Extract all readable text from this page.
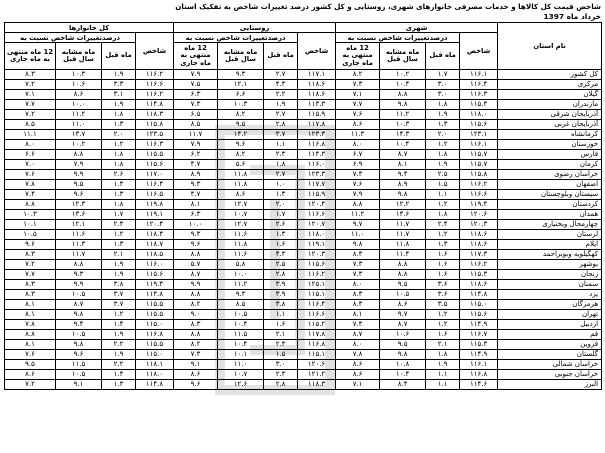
شاخص قیمت کل کالاها و خدمات مصرفی خانوارهای شهری، روستایی و کل کشور درصد تغییرات شاخص به تفکیک استان
خرداد ماه 1397
نام استان	شهری				روستایی				کل خانوارها			
	شاخص	درصدتغییرات شاخص نسبت به			شاخص	درصدتغییرات شاخص نسبت به			شاخص	درصدتغییرات شاخص نسبت به		
		ماه قبل	ماه مشابه سال قبل	12 ماه منتهی به ماه جاری		ماه قبل	ماه مشابه سال قبل	12 ماه منتهی به ماه جاری		ماه قبل	ماه مشابه سال قبل	12 ماه منتهی به ماه جاری
کل کشور	۱۱۶.۱	۱.۷	۱۰.۲	۸.۲	۱۱۷.۱	۲.۷	۹.۳	۷.۹	۱۱۶.۲	۱.۹	۱۰.۳	۸.۳
مرکزی	۱۱۶.۴	۳.۰	۱۰.۴	۷.۳	۱۱۸.۶	۴.۳	۱۲.۱	۷.۵	۱۱۶.۶	۳.۳	۱۰.۶	۷.۲
گیلان	۱۱۶.۳	۳.۰	۸.۸	۷.۱	۱۱۸.۶	۲.۲	۶.۶	۶.۳	۱۱۶.۲	۳.۱	۸.۶	۷.۱
مازندران	۱۱۵.۴	۱.۸	۹.۸	۷.۷	۱۱۳.۳	۱.۹	۱۰.۳	۷.۳	۱۱۴.۸	۱.۹	۱۰.۰	۷.۷
آذربایجان شرقی	۱۱۸.۰	۱.۹	۱۱.۲	۷.۶	۱۱۵.۹	۲.۷	۸.۲	۶.۵	۱۱۸.۳	۱.۸	۱۱.۲	۷.۲
آذربایجان غربی	۱۱۵.۶	۱.۳	۱۰.۳	۸.۶	۱۱۷.۸	۲.۸	۹.۵	۸.۵	۱۱۵.۸	۱.۳	۱۱.۰	۸.۵
کرمانشاه	۱۲۳.۱	۲.۰	۱۴.۳	۱۱.۳	۱۲۳.۳	۳.۷	۱۴.۲	۱۱.۷	۱۲۳.۵	۲.۰	۱۳.۷	۱۱.۱
خوزستان	۱۱۶.۱	۱.۲	۱۰.۴	۸.۰	۱۱۶.۸	۱.۱	۹.۶	۷.۹	۱۱۶.۳	۱.۲	۱۰.۲	۸.۰
فارس	۱۱۵.۷	۱.۸	۸.۷	۶.۷	۱۱۴.۳	۲.۳	۸.۲	۶.۲	۱۱۵.۵	۱.۸	۸.۸	۶.۶
کرمان	۱۱۵.۷	۱.۹	۸.۱	۶.۹	۱۱۶.۰	۱.۸	۵.۶	۴.۷	۱۱۵.۶	۱.۸	۷.۹	۷.۰
خراسان رضوی	۱۱۵.۸	۲.۵	۹.۴	۷.۴	۱۲۳.۳	۲.۷	۱۱.۸	۸.۹	۱۱۷.۰	۲.۶	۹.۹	۷.۶
اصفهان	۱۱۶.۲	۱.۵	۸.۹	۷.۶	۱۱۷.۷	۱.۰	۱۱.۸	۹.۳	۱۱۶.۴	۱.۴	۹.۵	۷.۸
سیستان وبلوچستان	۱۱۶.۶	۱.۱	۹.۸	۷.۹	۱۱۵.۹	۱.۳	۸.۶	۴.۷	۱۱۶.۵	۱.۳	۹.۶	۷.۴
کردستان	۱۱۹.۴	۱.۲	۱۲.۲	۸.۸	۱۲۰.۴	۲.۰	۱۲.۷	۸.۱	۱۱۹.۸	۱.۸	۱۲.۳	۸.۸
همدان	۱۲۰.۶	۱.۸	۱۴.۶	۱۱.۲	۱۱۶.۶	۱.۷	۱۰.۷	۶.۳	۱۱۹.۱	۱.۷	۱۳.۶	۱۰.۳
چهارمحال وبختیاری	۱۲۰.۳	۲.۴	۱۱.۷	۹.۷	۱۲۰.۷	۲.۶	۱۲.۷	۱۰.۰	۱۲۰.۴	۲.۴	۱۲.۱	۱۰.۱
لرستان	۱۱۸.۶	۱.۲	۱۱.۷	۱۱.۰	۱۱۸.۰	۱.۳	۱۱.۶	۹.۳	۱۱۸.۴	۱.۲	۱۱.۶	۱۰.۵
ایلام	۱۱۸.۶	۱.۳	۱۱.۸	۹.۸	۱۱۹.۱	۱.۶	۱۱.۸	۹.۶	۱۱۸.۷	۱.۳	۱۱.۳	۹.۶
کهگیلویه وبویراحمد	۱۱۷.۳	۱.۶	۱۱.۴	۸.۴	۱۲۰.۳	۴.۳	۱۱.۶	۸.۸	۱۱۸.۵	۲.۱	۱۱.۷	۸.۳
بوشهر	۱۱۶.۲	۱.۶	۸.۸	۷.۳	۱۱۵.۶	۲.۵	۵.۸	۵.۷	۱۱۶.۰	۱.۹	۸.۸	۷.۲
زنجان	۱۱۵.۳	۱.۶	۸.۸	۷.۳	۱۱۶.۲	۲.۸	۱۰.۰	۸.۷	۱۱۵.۶	۱.۹	۹.۳	۷.۷
سمنان	۱۱۸.۶	۳.۶	۹.۵	۸.۰	۱۲۵.۱	۳.۹	۱۱.۲	۹.۹	۱۱۹.۴	۳.۸	۹.۹	۸.۳
یزد	۱۱۴.۸	۳.۶	۱۰.۵	۸.۳	۱۱۵.۱	۳.۹	۹.۳	۸.۸	۱۱۴.۸	۳.۷	۱۰.۵	۸.۳
هرمزگان	۱۱۵.۰	۳.۵	۸.۶	۸.۴	۱۱۶.۴	۳.۸	۸.۵	۸.۲	۱۱۵.۵	۳.۷	۸.۷	۸.۱
تهران	۱۱۵.۶	۱.۲	۹.۷	۸.۱	۱۱۶.۶	۱.۱	۱۰.۵	۹.۰	۱۱۵.۵	۱.۲	۹.۸	۸.۱
اردبیل	۱۱۴.۹	۱.۲	۸.۷	۷.۴	۱۱۵.۲	۱.۶	۱۰.۴	۸.۳	۱۱۵.۰	۱.۴	۹.۴	۷.۸
قم	۱۱۶.۷	۱.۶	۱۰.۶	۸.۷	۱۱۷.۸	۲.۱	۱۱.۵	۸.۸	۱۱۶.۸	۱.۹	۱۰.۵	۸.۸
قزوین	۱۱۵.۳	۲.۱	۹.۵	۸.۰	۱۱۶.۸	۲.۴	۱۰.۴	۸.۲	۱۱۵.۵	۲.۲	۹.۸	۸.۱
گلستان	۱۱۴.۹	۱.۸	۹.۸	۷.۸	۱۱۵.۱	۱.۵	۱۰.۱	۷.۳	۱۱۵.۰	۱.۹	۹.۶	۷.۶
خراسان شمالی	۱۱۶.۱	۱.۹	۱۰.۸	۸.۶	۱۲۰.۶	۳.۰	۱۱.۰	۹.۱	۱۱۸.۱	۲.۲	۱۱.۵	۹.۵
خراسان جنوبی	۱۱۶.۸	۱.۱	۱۰.۴	۸.۶	۱۲۱.۲	۲.۳	۱۰.۷	۸.۶	۱۱۸.۰	۱.۴	۱۰.۵	۸.۶
البرز	۱۱۴.۶	۱.۱	۸.۴	۷.۱	۱۱۸.۳	۲.۸	۱۲.۶	۹.۶	۱۱۴.۸	۱.۳	۹.۱	۷.۲
